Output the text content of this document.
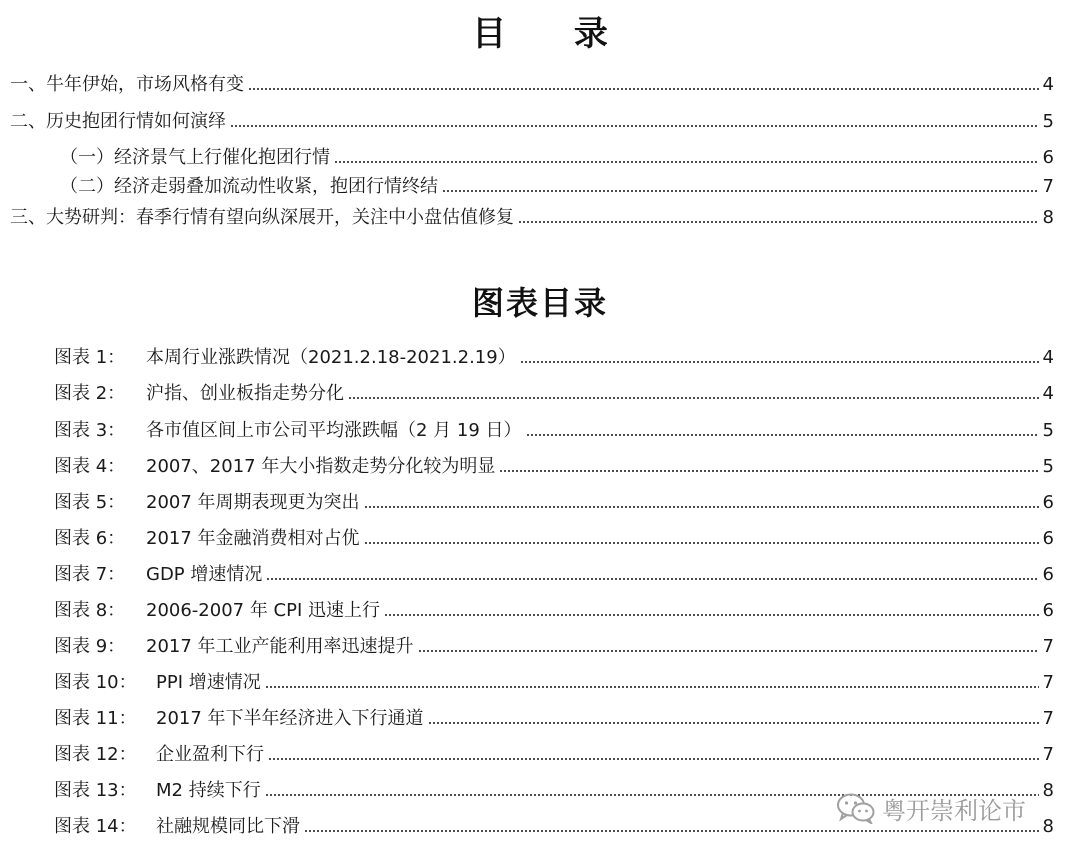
目 录
一、牛年伊始，市场风格有变	4
二、历史抱团行情如何演绎	5
（一）经济景气上行催化抱团行情	6
（二）经济走弱叠加流动性收紧，抱团行情终结	7
三、大势研判：春季行情有望向纵深展开，关注中小盘估值修复	8
图表目录
图表 1：	本周行业涨跌情况（2021.2.18-2021.2.19）	4
图表 2：	沪指、创业板指走势分化	4
图表 3：	各市值区间上市公司平均涨跌幅（2 月 19 日）	5
图表 4：	2007、2017 年大小指数走势分化较为明显	5
图表 5：	2007 年周期表现更为突出	6
图表 6：	2017 年金融消费相对占优	6
图表 7：	GDP 增速情况	6
图表 8：	2006-2007 年 CPI 迅速上行	6
图表 9：	2017 年工业产能利用率迅速提升	7
图表 10：	PPI 增速情况	7
图表 11：	2017 年下半年经济进入下行通道	7
图表 12：	企业盈利下行	7
图表 13：	M2 持续下行	8
图表 14：	社融规模同比下滑	8
粤开崇利论市
